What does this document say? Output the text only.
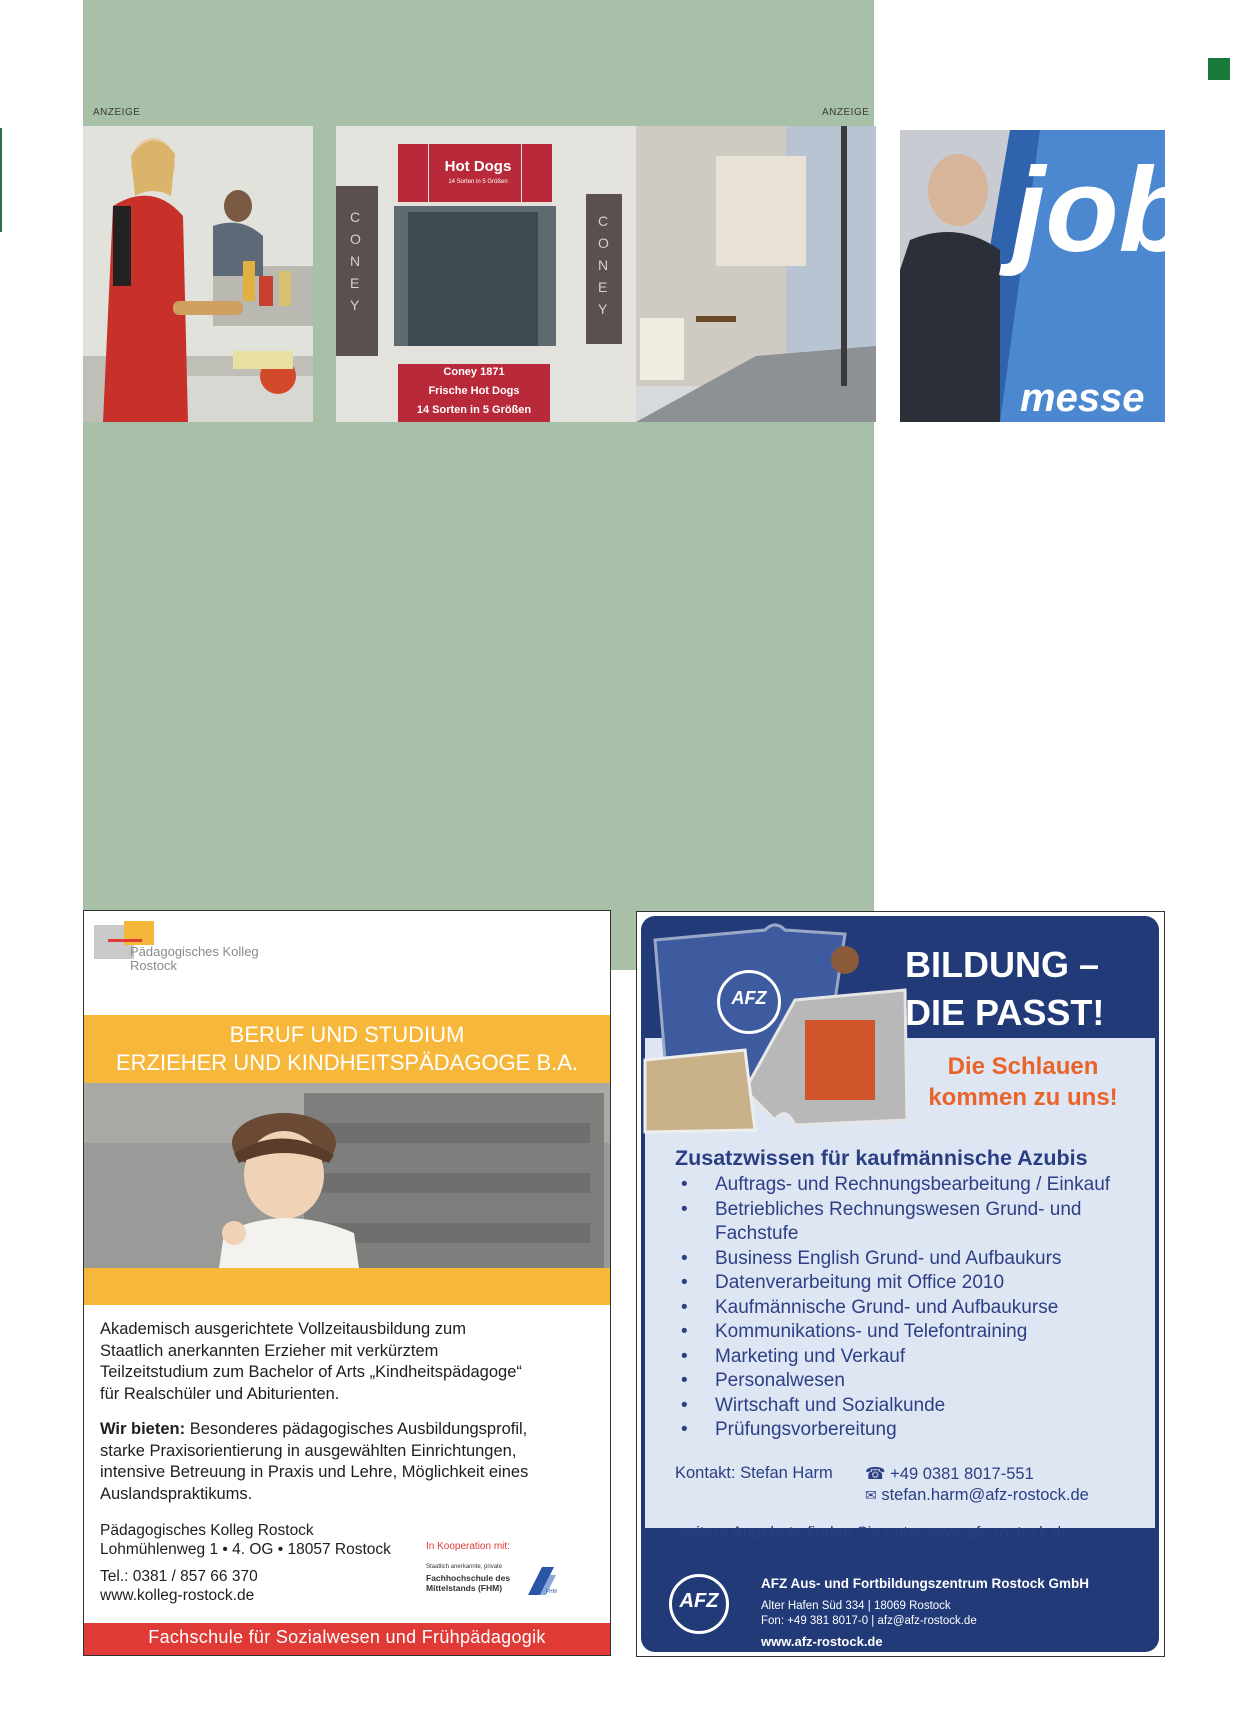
ANZEIGE	ANZEIGE
Hot Dogs
14 Sorten in 5 Größen
CONEY
CONEY
Coney 1871
Frische Hot Dogs
14 Sorten in 5 Größen
job
messe
Pädagogisches Kolleg
Rostock
BERUF UND STUDIUM
ERZIEHER UND KINDHEITSPÄDAGOGE B.A.
Akademisch ausgerichtete Vollzeitausbildung zum
Staatlich anerkannten Erzieher mit verkürztem
Teilzeitstudium zum Bachelor of Arts „Kindheitspädagoge“
für Realschüler und Abiturienten.
Wir bieten: Besonderes pädagogisches Ausbildungsprofil,
starke Praxisorientierung in ausgewählten Einrichtungen,
intensive Betreuung in Praxis und Lehre, Möglichkeit eines
Auslandspraktikums.
Pädagogisches Kolleg Rostock
Lohmühlenweg 1 • 4. OG • 18057 Rostock
Tel.: 0381 / 857 66 370
www.kolleg-rostock.de
In Kooperation mit:
Staatlich anerkannte, private
Fachhochschule des
Mittelstands (FHM)	FHM
Fachschule für Sozialwesen und Frühpädagogik
AFZ
BILDUNG –
DIE PASST!
Die Schlauen
kommen zu uns!
Zusatzwissen für kaufmännische Azubis
• Auftrags- und Rechnungsbearbeitung / Einkauf
• Betriebliches Rechnungswesen Grund- und
Fachstufe
• Business English Grund- und Aufbaukurs
• Datenverarbeitung mit Office 2010
• Kaufmännische Grund- und Aufbaukurse
• Kommunikations- und Telefontraining
• Marketing und Verkauf
• Personalwesen
• Wirtschaft und Sozialkunde
• Prüfungsvorbereitung
Kontakt: Stefan Harm ☎ +49 0381 8017-551
✉ stefan.harm@afz-rostock.de
weitere Angebote finden Sie unter www.afz-rostock.de
AFZ
AFZ Aus- und Fortbildungszentrum Rostock GmbH
Alter Hafen Süd 334 | 18069 Rostock
Fon: +49 381 8017-0 | afz@afz-rostock.de
www.afz-rostock.de
